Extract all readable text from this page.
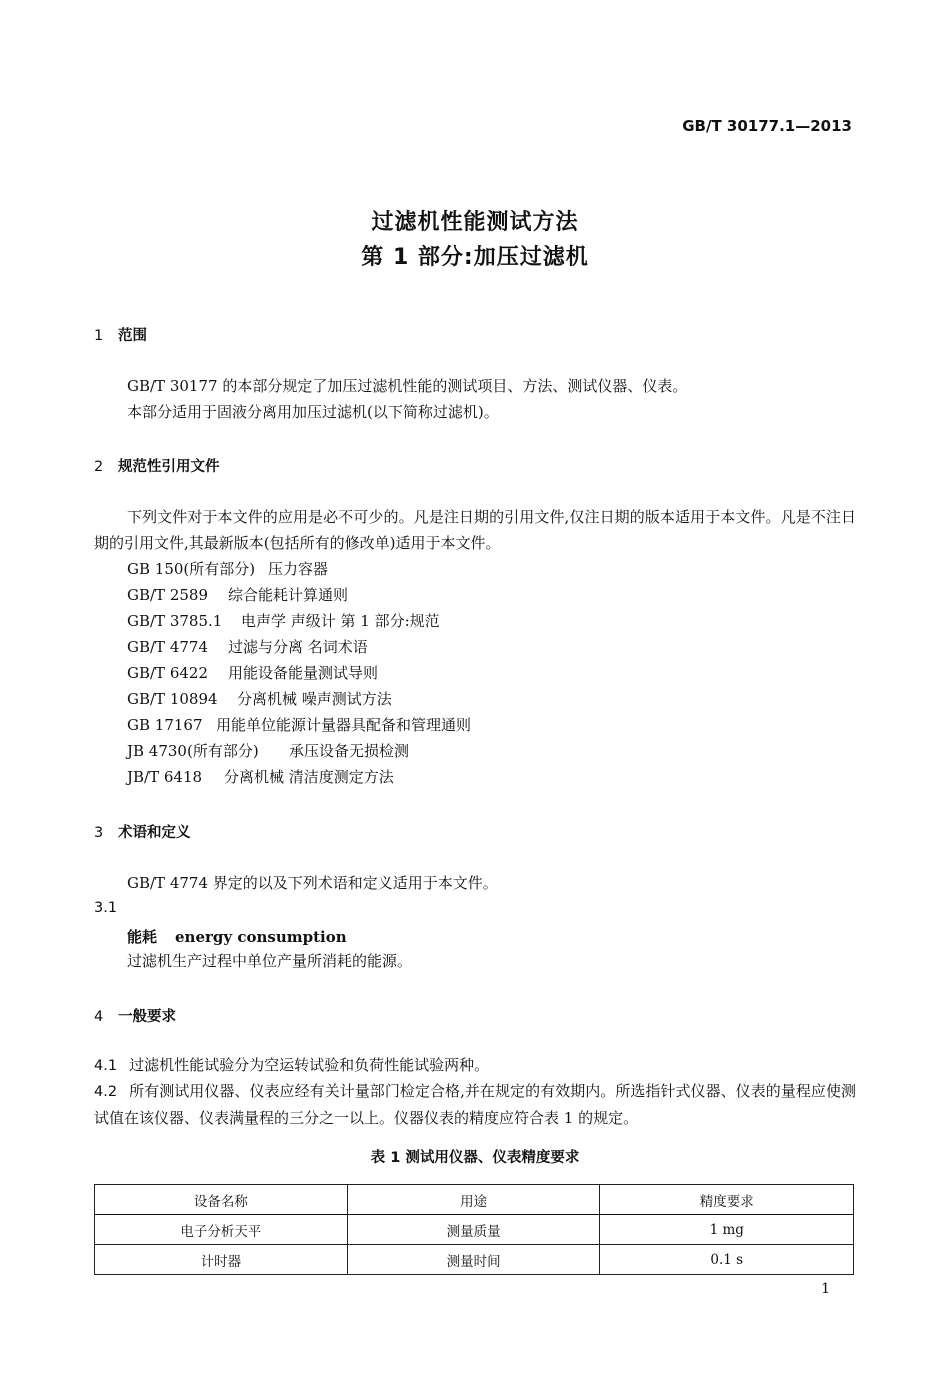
GB/T 30177.1—2013
过滤机性能测试方法
第 1 部分:加压过滤机
1 范围
GB/T 30177 的本部分规定了加压过滤机性能的测试项目、方法、测试仪器、仪表。
本部分适用于固液分离用加压过滤机(以下简称过滤机)。
2 规范性引用文件
下列文件对于本文件的应用是必不可少的。凡是注日期的引用文件,仅注日期的版本适用于本文件。凡是不注日期的引用文件,其最新版本(包括所有的修改单)适用于本文件。
GB 150(所有部分) 压力容器
GB/T 2589 综合能耗计算通则
GB/T 3785.1 电声学 声级计 第 1 部分:规范
GB/T 4774 过滤与分离 名词术语
GB/T 6422 用能设备能量测试导则
GB/T 10894 分离机械 噪声测试方法
GB 17167 用能单位能源计量器具配备和管理通则
JB 4730(所有部分) 承压设备无损检测
JB/T 6418 分离机械 清洁度测定方法
3 术语和定义
GB/T 4774 界定的以及下列术语和定义适用于本文件。
3.1
能耗 energy consumption
过滤机生产过程中单位产量所消耗的能源。
4 一般要求
4.1 过滤机性能试验分为空运转试验和负荷性能试验两种。
4.2 所有测试用仪器、仪表应经有关计量部门检定合格,并在规定的有效期内。所选指针式仪器、仪表的量程应使测试值在该仪器、仪表满量程的三分之一以上。仪器仪表的精度应符合表 1 的规定。
表 1 测试用仪器、仪表精度要求
设备名称	用途	精度要求
电子分析天平	测量质量	1 mg
计时器	测量时间	0.1 s
1
